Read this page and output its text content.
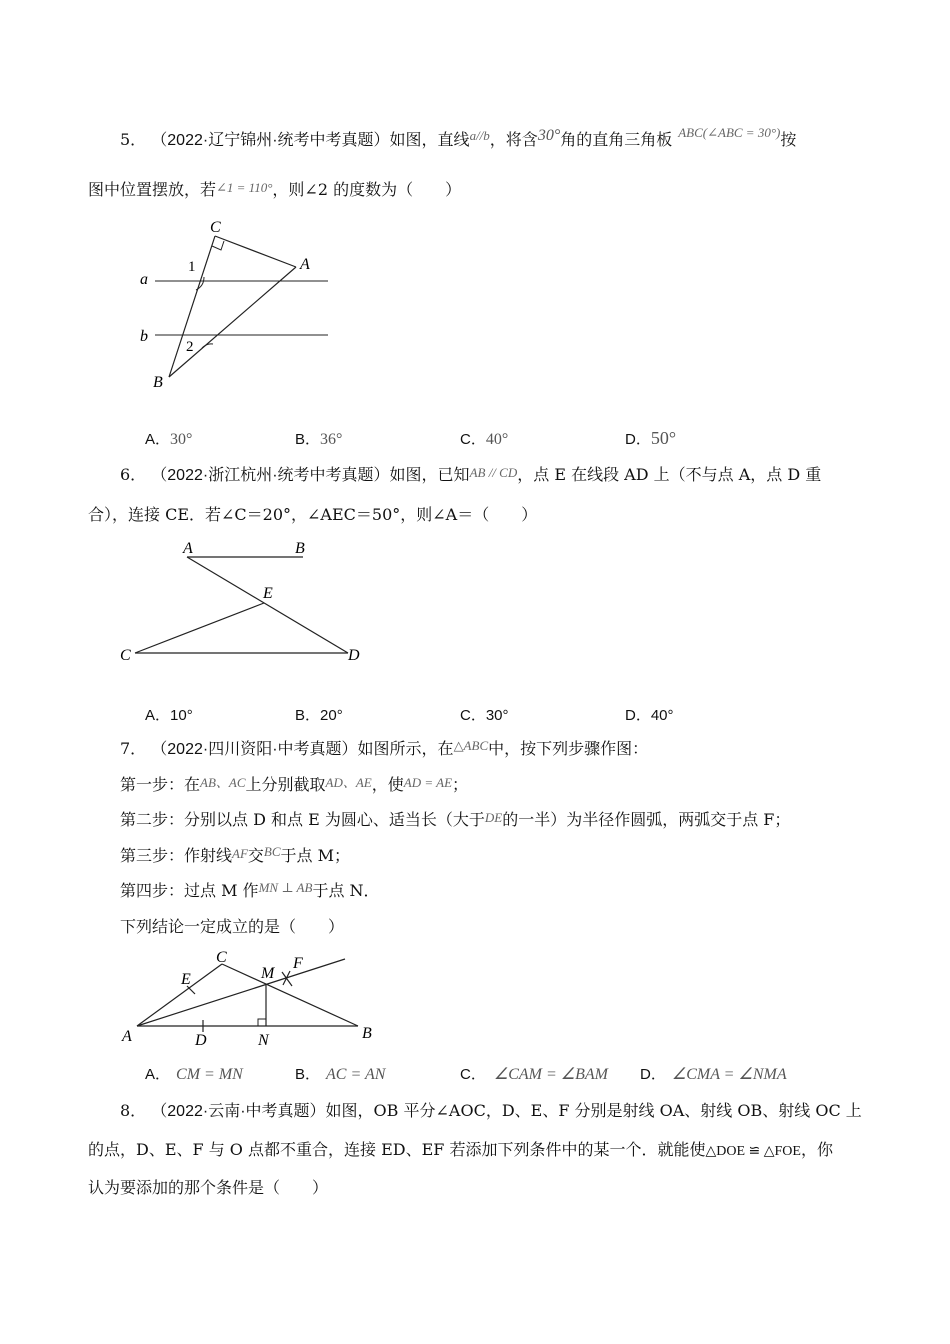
5． （2022·辽宁锦州·统考中考真题）如图，直线$^{a//b}$，将含30°角的直角三角板 $^{ABC(\angle ABC = 30^\circ)}$按
图中位置摆放，若∠1 = 110°，则∠2 的度数为（　　）
C
A
a
b
1
2
B
A．30°	B．36°	C．40°	D．50°
6． （2022·浙江杭州·统考中考真题）如图，已知AB // CD，点 E 在线段 AD 上（不与点 A，点 D 重
合），连接 CE．若∠C＝20°，∠AEC＝50°，则∠A＝（　　）
A	B
E
C	D
A．10°	B．20°	C．30°	D．40°
7． （2022·四川资阳·中考真题）如图所示，在$^{\triangle ABC}$中，按下列步骤作图：
第一步：在AB、AC上分别截取AD、AE，使AD = AE；
第二步：分别以点 D 和点 E 为圆心、适当长（大于DE的一半）为半径作圆弧，两弧交于点 F；
第三步：作射线AF交$^{BC}$于点 M；
第四步：过点 M 作$^{MN \perp AB}$于点 N．
下列结论一定成立的是（　　）
C
E	M
F
A	D	N	B
A． CM = MN	B． AC = AN	C． ∠CAM = ∠BAM D． ∠CMA = ∠NMA
8． （2022·云南·中考真题）如图，OB 平分∠AOC，D、E、F 分别是射线 OA、射线 OB、射线 OC 上
的点，D、E、F 与 O 点都不重合，连接 ED、EF 若添加下列条件中的某一个．就能使△DOE ≌ △FOE，你
认为要添加的那个条件是（　　）
